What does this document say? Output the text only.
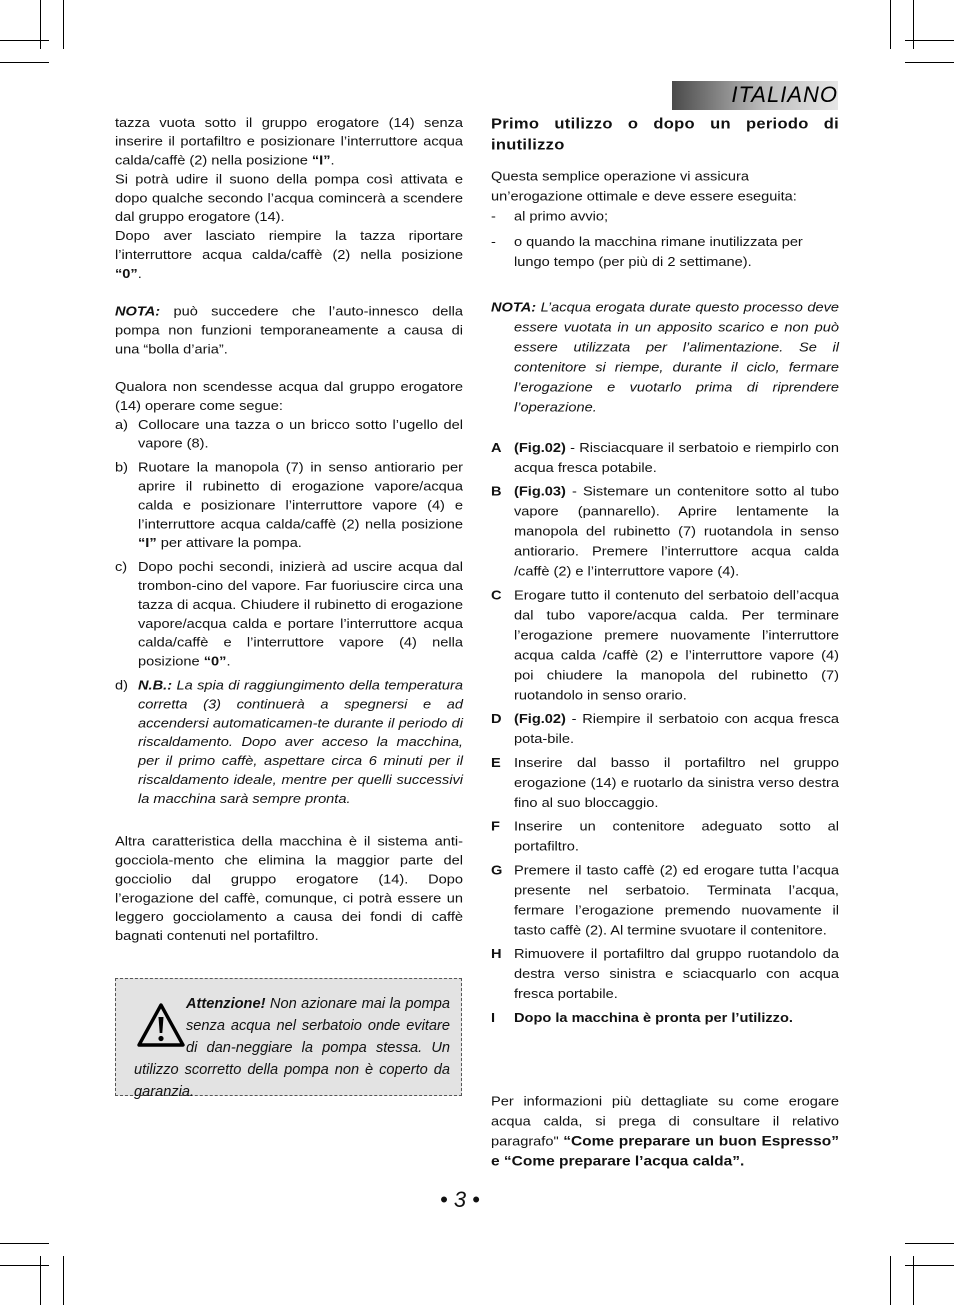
ITALIANO

tazza vuota sotto il gruppo erogatore (14) senza inserire il portafiltro e posizionare l’interruttore acqua calda/caffè (2) nella posizione “I”.

Si potrà udire il suono della pompa così attivata e dopo qualche secondo l’acqua comincerà a scendere dal gruppo erogatore (14).

Dopo aver lasciato riempire la tazza riportare l’interruttore acqua calda/caffè (2) nella posizione “0”.

NOTA: può succedere che l’auto-innesco della pompa non funzioni temporaneamente a causa di una “bolla d’aria”.

Qualora non scendesse acqua dal gruppo erogatore (14) operare come segue:

a) Collocare una tazza o un bricco sotto l’ugello del vapore (8).
b) Ruotare la manopola (7) in senso antiorario per aprire il rubinetto di erogazione vapore/acqua calda e posizionare l’interruttore vapore (4) e l’interruttore acqua calda/caffè (2) nella posizione “I” per attivare la pompa.
c) Dopo pochi secondi, inizierà ad uscire acqua dal trombon-cino del vapore. Far fuoriuscire circa una tazza di acqua. Chiudere il rubinetto di erogazione vapore/acqua calda e portare l’interruttore acqua calda/caffè e l’interruttore vapore (4) nella posizione “0”.
d) N.B.: La spia di raggiungimento della temperatura corretta (3) continuerà a spegnersi e ad accendersi automaticamen-te durante il periodo di riscaldamento. Dopo aver acceso la macchina, per il primo caffè, aspettare circa 6 minuti per il riscaldamento ideale, mentre per quelli successivi la macchina sarà sempre pronta.

Altra caratteristica della macchina è il sistema anti-gocciola-mento che elimina la maggior parte del gocciolio dal gruppo erogatore (14). Dopo l’erogazione del caffè, comunque, ci potrà essere un leggero gocciolamento a causa dei fondi di caffè bagnati contenuti nel portafiltro.

Attenzione! Non azionare mai la pompa senza acqua nel serbatoio onde evitare di dan-neggiare la pompa stessa. Un utilizzo scorretto della pompa non è coperto da garanzia.
Primo utilizzo o dopo un periodo di inutilizzo

Questa semplice operazione vi assicura un’erogazione ottimale e deve essere eseguita:

- al primo avvio;
- o quando la macchina rimane inutilizzata per lungo tempo (per più di 2 settimane).

NOTA: L’acqua erogata durate questo processo deve essere vuotata in un apposito scarico e non può essere utilizzata per l’alimentazione. Se il contenitore si riempe, durante il ciclo, fermare l’erogazione e vuotarlo prima di riprendere l’operazione.

A (Fig.02) - Risciacquare il serbatoio e riempirlo con acqua fresca potabile.
B (Fig.03) - Sistemare un contenitore sotto al tubo vapore (pannarello). Aprire lentamente la manopola del rubinetto (7) ruotandola in senso antiorario. Premere l’interruttore acqua calda /caffè (2) e l’interruttore vapore (4).
C Erogare tutto il contenuto del serbatoio dell’acqua dal tubo vapore/acqua calda. Per terminare l’erogazione premere nuovamente l’interruttore acqua calda /caffè (2) e l’interruttore vapore (4) poi chiudere la manopola del rubinetto (7) ruotandolo in senso orario.
D (Fig.02) - Riempire il serbatoio con acqua fresca pota-bile.
E Inserire dal basso il portafiltro nel gruppo erogazione (14) e ruotarlo da sinistra verso destra fino al suo bloccaggio.
F Inserire un contenitore adeguato sotto al portafiltro.
G Premere il tasto caffè (2) ed erogare tutta l’acqua presente nel serbatoio. Terminata l’acqua, fermare l’erogazione premendo nuovamente il tasto caffè (2). Al termine svuotare il contenitore.
H Rimuovere il portafiltro dal gruppo ruotandolo da destra verso sinistra e sciacquarlo con acqua fresca portabile.
I Dopo la macchina è pronta per l’utilizzo.

Per informazioni più dettagliate su come erogare acqua calda, si prega di consultare il relativo paragrafo" “Come preparare un buon Espresso” e “Come preparare l’acqua calda”.

• 3 •
